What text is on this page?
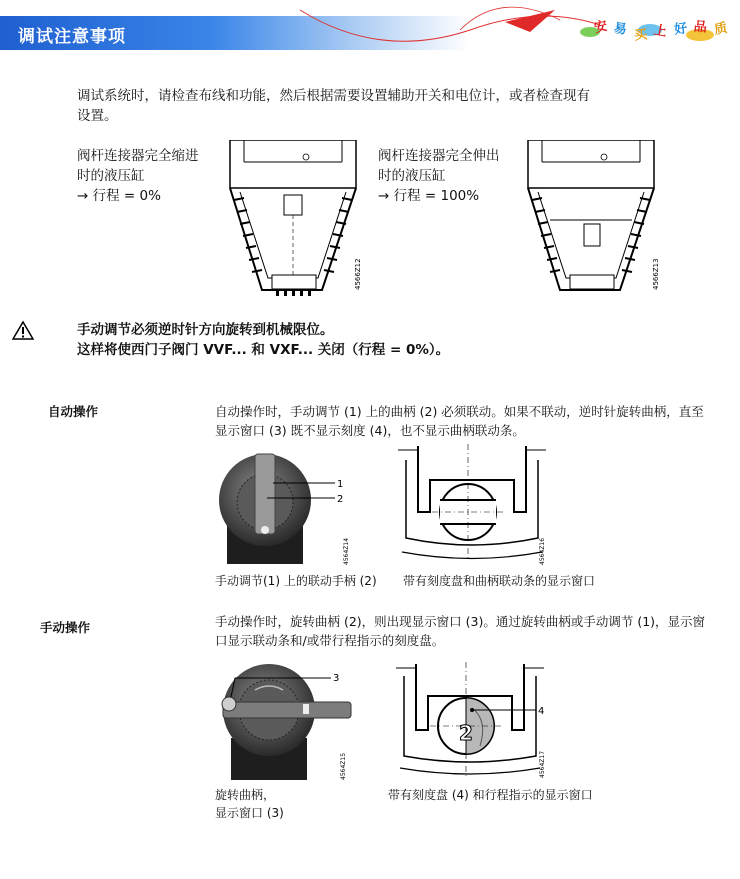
调试注意事项	安 易 买 上 好 品 质
调试系统时，请检查布线和功能，然后根据需要设置辅助开关和电位计，或者检查现有
设置。
阀杆连接器完全缩进
时的液压缸
→ 行程 = 0%
4566Z12
阀杆连接器完全伸出
时的液压缸
→ 行程 = 100%
4566Z13
手动调节必须逆时针方向旋转到机械限位。
这样将使西门子阀门 VVF... 和 VXF... 关闭（行程 = 0%）。
自动操作	自动操作时，手动调节 (1) 上的曲柄 (2) 必须联动。如果不联动，逆时针旋转曲柄，直至
显示窗口 (3) 既不显示刻度 (4)，也不显示曲柄联动条。
1
2
4564Z14
手动调节(1) 上的联动手柄 (2)
4564Z16
带有刻度盘和曲柄联动条的显示窗口
手动操作	手动操作时，旋转曲柄 (2)，则出现显示窗口 (3)。通过旋转曲柄或手动调节 (1)，显示窗
口显示联动条和/或带行程指示的刻度盘。
3
4564Z15
旋转曲柄，
显示窗口 (3)
2
4
4564Z17
带有刻度盘 (4) 和行程指示的显示窗口
